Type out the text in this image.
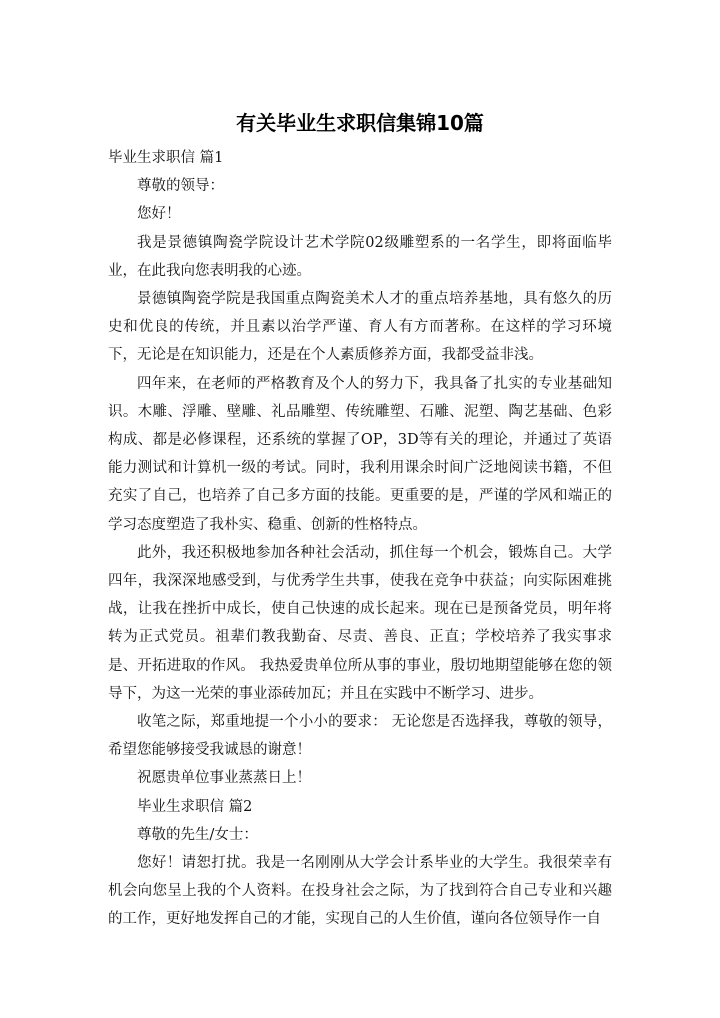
有关毕业生求职信集锦10篇

毕业生求职信 篇1

尊敬的领导：

您好！

我是景德镇陶瓷学院设计艺术学院02级雕塑系的一名学生，即将面临毕业，在此我向您表明我的心迹。

景德镇陶瓷学院是我国重点陶瓷美术人才的重点培养基地，具有悠久的历史和优良的传统，并且素以治学严谨、育人有方而著称。在这样的学习环境下，无论是在知识能力，还是在个人素质修养方面，我都受益非浅。

四年来，在老师的严格教育及个人的努力下，我具备了扎实的专业基础知识。木雕、浮雕、壁雕、礼品雕塑、传统雕塑、石雕、泥塑、陶艺基础、色彩构成、都是必修课程，还系统的掌握了OP，3D等有关的理论，并通过了英语能力测试和计算机一级的考试。同时，我利用课余时间广泛地阅读书籍，不但充实了自己，也培养了自己多方面的技能。更重要的是，严谨的学风和端正的学习态度塑造了我朴实、稳重、创新的性格特点。

此外，我还积极地参加各种社会活动，抓住每一个机会，锻炼自己。大学四年，我深深地感受到，与优秀学生共事，使我在竞争中获益；向实际困难挑战，让我在挫折中成长，使自己快速的成长起来。现在已是预备党员，明年将转为正式党员。祖辈们教我勤奋、尽责、善良、正直；学校培养了我实事求是、开拓进取的作风。 我热爱贵单位所从事的事业，殷切地期望能够在您的领导下，为这一光荣的事业添砖加瓦；并且在实践中不断学习、进步。

收笔之际，郑重地提一个小小的要求： 无论您是否选择我，尊敬的领导，希望您能够接受我诚恳的谢意！

祝愿贵单位事业蒸蒸日上！

毕业生求职信 篇2

尊敬的先生/女士：

您好！请恕打扰。我是一名刚刚从大学会计系毕业的大学生。我很荣幸有机会向您呈上我的个人资料。在投身社会之际，为了找到符合自己专业和兴趣的工作，更好地发挥自己的才能，实现自己的人生价值，谨向各位领导作一自
